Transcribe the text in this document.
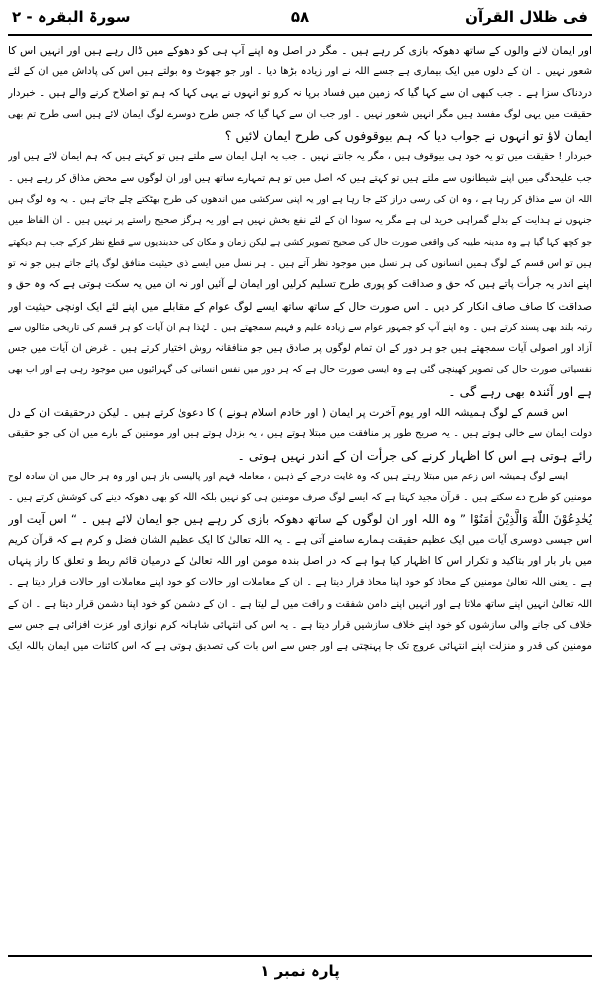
فی ظلال القرآن
۵۸
سورۃ البقرہ - ۲
اور ایمان لانے والوں کے ساتھ دھوکہ بازی کر رہے ہیں ۔ مگر در اصل وہ اپنے آپ ہی کو دھوکے میں ڈال رہے ہیں اور انہیں اس کا
شعور نہیں ۔ ان کے دلوں میں ایک بیماری ہے جسے اللہ نے اور زیادہ بڑھا دیا ۔ اور جو جھوٹ وہ بولتے ہیں اس کی پاداش میں ان کے لئے
دردناک سزا ہے ۔ جب کبھی ان سے کہا گیا کہ زمین میں فساد برپا نہ کرو تو انہوں نے یہی کہا کہ ہم تو اصلاح کرنے والے ہیں ۔ خبردار
حقیقت میں یہی لوگ مفسد ہیں مگر انہیں شعور نہیں ۔ اور جب ان سے کہا گیا کہ جس طرح دوسرے لوگ ایمان لائے ہیں اسی طرح تم بھی
ایمان لاؤ تو انہوں نے جواب دیا کہ ہم بیوقوفوں کی طرح ایمان لائیں ؟
خبردار ! حقیقت میں تو یہ خود ہی بیوقوف ہیں ، مگر یہ جانتے نہیں ۔ جب یہ اہل ایمان سے ملتے ہیں تو کہتے ہیں کہ ہم ایمان لائے ہیں اور
جب علیحدگی میں اپنے شیطانوں سے ملتے ہیں تو کہتے ہیں کہ اصل میں تو ہم تمہارے ساتھ ہیں اور ان لوگوں سے محض مذاق کر رہے ہیں ۔
اللہ ان سے مذاق کر رہا ہے ، وہ ان کی رسی دراز کئے جا رہا ہے اور یہ اپنی سرکشی میں اندھوں کی طرح بھٹکتے چلے جاتے ہیں ۔ یہ وہ لوگ ہیں
جنہوں نے ہدایت کے بدلے گمراہی خرید لی ہے مگر یہ سودا ان کے لئے نفع بخش نہیں ہے اور یہ ہرگز صحیح راستے پر نہیں ہیں ۔ ان الفاظ میں
جو کچھ کہا گیا ہے وہ مدینہ طیبہ کی واقعی صورت حال کی صحیح تصویر کشی ہے لیکن زمان و مکان کی حدبندیوں سے قطع نظر کرکے جب ہم دیکھتے
ہیں تو اس قسم کے لوگ ہمیں انسانوں کی ہر نسل میں موجود نظر آتے ہیں ۔ ہر نسل میں ایسے ذی حیثیت منافق لوگ پائے جاتے ہیں جو نہ تو
اپنے اندر یہ جرأت پاتے ہیں کہ حق و صداقت کو پوری طرح تسلیم کرلیں اور ایمان لے آئیں اور نہ ان میں یہ سکت ہوتی ہے کہ وہ حق و
صداقت کا صاف صاف انکار کر دیں ۔ اس صورت حال کے ساتھ ساتھ ایسے لوگ عوام کے مقابلے میں اپنے لئے ایک اونچی حیثیت اور
رتبہ بلند بھی پسند کرتے ہیں ۔ وہ اپنے آپ کو جمہور عوام سے زیادہ علیم و فہیم سمجھتے ہیں ۔ لہٰذا ہم ان آیات کو ہر قسم کی تاریخی مثالوں سے
آزاد اور اصولی آیات سمجھتے ہیں جو ہر دور کے ان تمام لوگوں پر صادق ہیں جو منافقانہ روش اختیار کرتے ہیں ۔ غرض ان آیات میں جس
نفسیاتی صورت حال کی تصویر کھینچی گئی ہے وہ ایسی صورت حال ہے کہ ہر دور میں نفس انسانی کی گہرائیوں میں موجود رہی ہے اور اب بھی
ہے اور آئندہ بھی رہے گی ۔
اس قسم کے لوگ ہمیشہ اللہ اور یوم آخرت پر ایمان ( اور خادم اسلام ہونے ) کا دعویٰ کرتے ہیں ۔ لیکن درحقیقت ان کے دل
دولت ایمان سے خالی ہوتے ہیں ۔ یہ صریح طور پر منافقت میں مبتلا ہوتے ہیں ، یہ بزدل ہوتے ہیں اور مومنین کے بارے میں ان کی جو حقیقی
رائے ہوتی ہے اس کا اظہار کرنے کی جرأت ان کے اندر نہیں ہوتی ۔
ایسے لوگ ہمیشہ اس زعم میں مبتلا رہتے ہیں کہ وہ غایت درجے کے ذہین ، معاملہ فہم اور پالیسی باز ہیں اور وہ ہر حال میں ان سادہ لوح
مومنین کو طرح دے سکتے ہیں ۔ قرآن مجید کہتا ہے کہ ایسے لوگ صرف مومنین ہی کو نہیں بلکہ اللہ کو بھی دھوکہ دینے کی کوشش کرتے ہیں ۔
يُخٰدِعُوْنَ اللّٰهَ وَالَّذِيْنَ اٰمَنُوْا ” وہ اللہ اور ان لوگوں کے ساتھ دھوکہ بازی کر رہے ہیں جو ایمان لائے ہیں ۔ “ اس آیت اور
اس جیسی دوسری آیات میں ایک عظیم حقیقت ہمارے سامنے آتی ہے ۔ یہ اللہ تعالیٰ کا ایک عظیم الشان فضل و کرم ہے کہ قرآن کریم
میں بار بار اور بتاکید و تکرار اس کا اظہار کیا ہوا ہے کہ در اصل بندہ مومن اور اللہ تعالیٰ کے درمیان قائم ربط و تعلق کا راز پنہاں
ہے ۔ یعنی اللہ تعالیٰ مومنین کے محاذ کو خود اپنا محاذ قرار دیتا ہے ۔ ان کے معاملات اور حالات کو خود اپنے معاملات اور حالات قرار دیتا ہے ۔
اللہ تعالیٰ انہیں اپنے ساتھ ملاتا ہے اور انہیں اپنے دامن شفقت و رافت میں لے لیتا ہے ۔ ان کے دشمن کو خود اپنا دشمن قرار دیتا ہے ۔ ان کے
خلاف کی جانے والی سازشوں کو خود اپنے خلاف سازشیں قرار دیتا ہے ۔ یہ اس کی انتہائی شاہانہ کرم نوازی اور عزت افزائی ہے جس سے
مومنین کی قدر و منزلت اپنے انتہائی عروج تک جا پہنچتی ہے اور جس سے اس بات کی تصدیق ہوتی ہے کہ اس کائنات میں ایمان باللہ ایک
پارہ نمبر ۱
